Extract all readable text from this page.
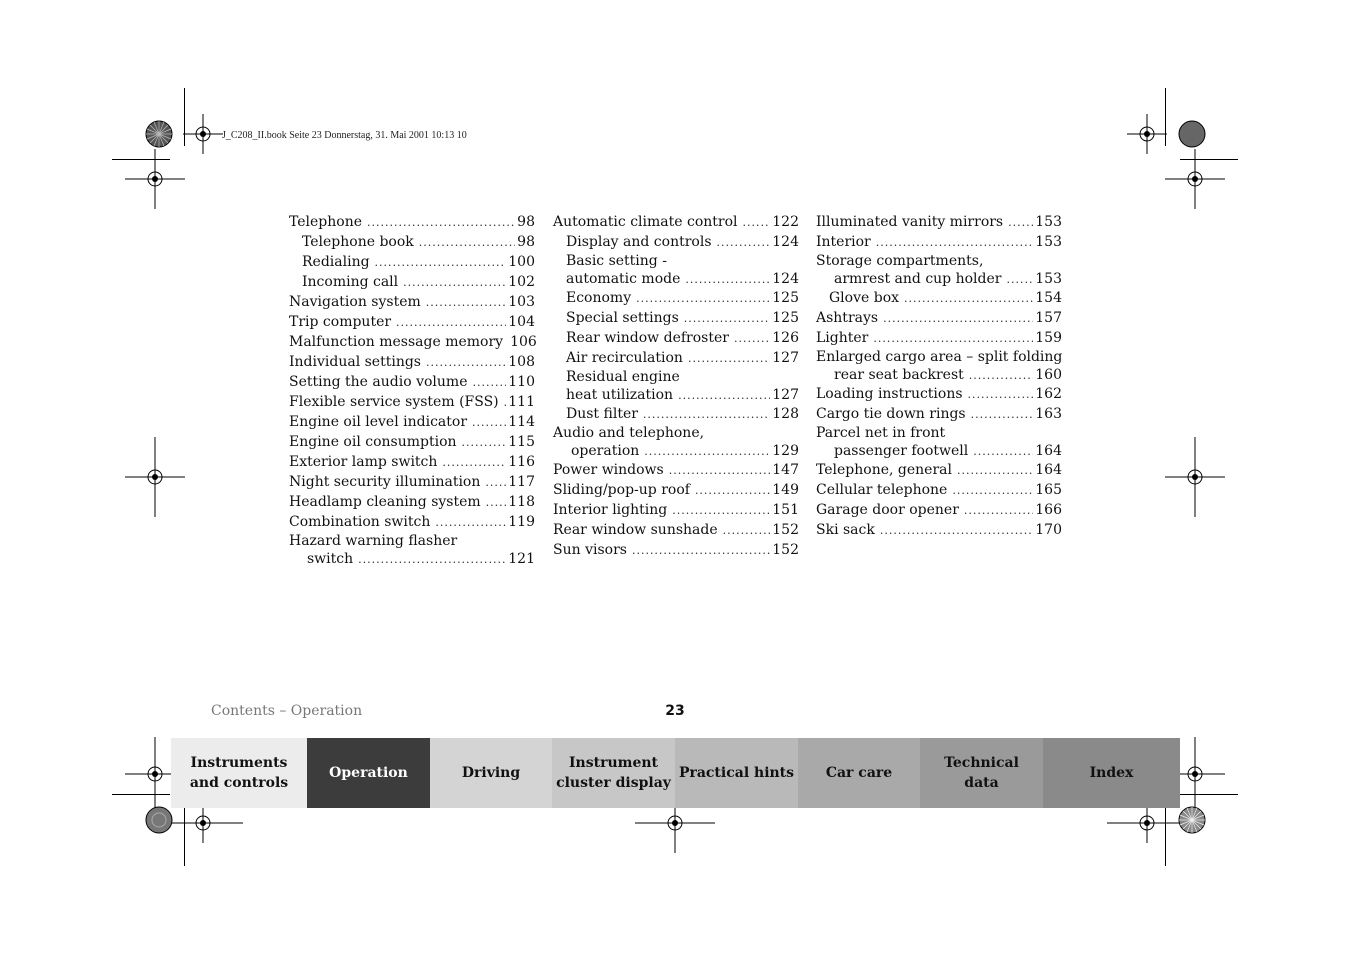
J_C208_II.book Seite 23 Donnerstag, 31. Mai 2001 10:13 10
Telephone .....	98
Telephone book .....	98
Redialing .....	100
Incoming call .....	102
Navigation system .....	103
Trip computer .....	104
Malfunction message memory 106
Individual settings .....	108
Setting the audio volume .....	110
Flexible service system (FSS) ..... 111
Engine oil level indicator .....	114
Engine oil consumption .....	115
Exterior lamp switch .....	116
Night security illumination ..... 117
Headlamp cleaning system ..... 118
Combination switch .....	119
Hazard warning flasher
switch .....	121
Automatic climate control ..... 122
Display and controls .....	124
Basic setting -
automatic mode .....	124
Economy .....	125
Special settings .....	125
Rear window defroster .....	126
Air recirculation .....	127
Residual engine
heat utilization .....	127
Dust filter .....	128
Audio and telephone,
operation .....	129
Power windows .....	147
Sliding/pop-up roof .....	149
Interior lighting .....	151
Rear window sunshade .....	152
Sun visors .....	152
Illuminated vanity mirrors ..... 153
Interior .....	153
Storage compartments,
armrest and cup holder ..... 153
Glove box .....	154
Ashtrays .....	157
Lighter .....	159
Enlarged cargo area – split folding
rear seat backrest .....	160
Loading instructions .....	162
Cargo tie down rings .....	163
Parcel net in front
passenger footwell .....	164
Telephone, general .....	164
Cellular telephone .....	165
Garage door opener .....	166
Ski sack .....	170
Contents – Operation	23
Instruments
and controls
Operation	Driving
Instrument
cluster display
Practical hints Car care
Technical
data
Index
